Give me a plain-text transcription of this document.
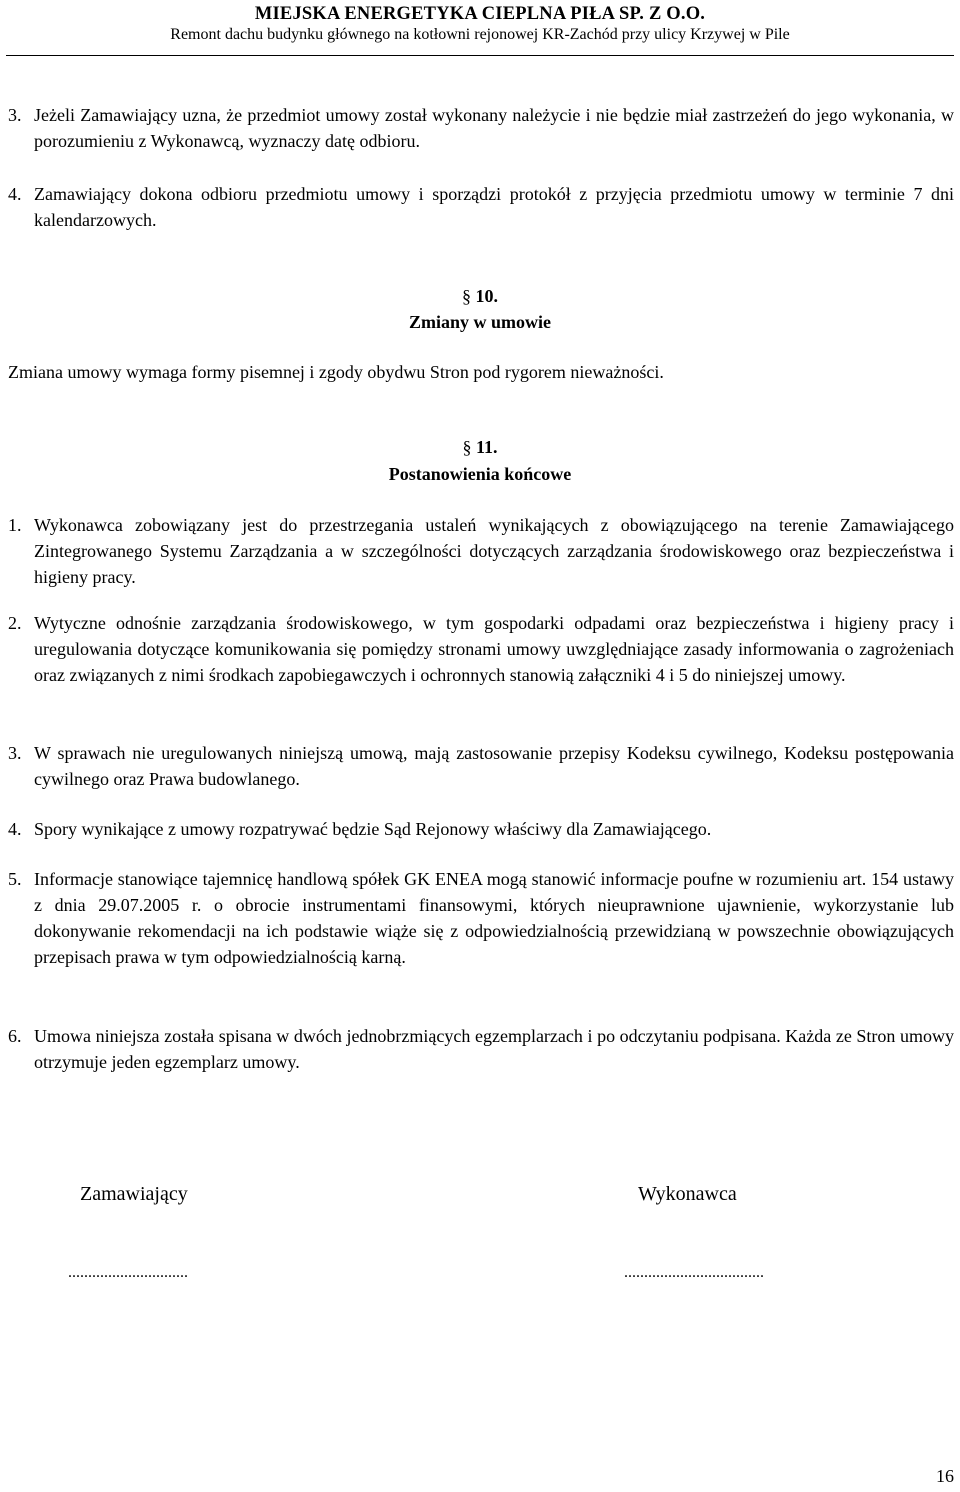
MIEJSKA ENERGETYKA CIEPLNA PIŁA SP. Z O.O.
Remont dachu budynku głównego na kotłowni rejonowej KR-Zachód przy ulicy Krzywej w Pile
3. Jeżeli Zamawiający uzna, że przedmiot umowy został wykonany należycie i nie będzie miał zastrzeżeń do jego wykonania, w porozumieniu z Wykonawcą, wyznaczy datę odbioru.
4. Zamawiający dokona odbioru przedmiotu umowy i sporządzi protokół z przyjęcia przedmiotu umowy w terminie 7 dni kalendarzowych.
§ 10.
Zmiany w umowie
Zmiana umowy wymaga formy pisemnej i zgody obydwu Stron pod rygorem nieważności.
§ 11.
Postanowienia końcowe
1. Wykonawca zobowiązany jest do przestrzegania ustaleń wynikających z obowiązującego na terenie Zamawiającego Zintegrowanego Systemu Zarządzania a w szczególności dotyczących zarządzania środowiskowego oraz bezpieczeństwa i higieny pracy.
2. Wytyczne odnośnie zarządzania środowiskowego, w tym gospodarki odpadami oraz bezpieczeństwa i higieny pracy i uregulowania dotyczące komunikowania się pomiędzy stronami umowy uwzględniające zasady informowania o zagrożeniach oraz związanych z nimi środkach zapobiegawczych i ochronnych stanowią załączniki 4 i 5 do niniejszej umowy.
3. W sprawach nie uregulowanych niniejszą umową, mają zastosowanie przepisy Kodeksu cywilnego, Kodeksu postępowania cywilnego oraz Prawa budowlanego.
4. Spory wynikające z umowy rozpatrywać będzie Sąd Rejonowy właściwy dla Zamawiającego.
5. Informacje stanowiące tajemnicę handlową spółek GK ENEA mogą stanowić informacje poufne w rozumieniu art. 154 ustawy z dnia 29.07.2005 r. o obrocie instrumentami finansowymi, których nieuprawnione ujawnienie, wykorzystanie lub dokonywanie rekomendacji na ich podstawie wiąże się z odpowiedzialnością przewidzianą w powszechnie obowiązujących przepisach prawa w tym odpowiedzialnością karną.
6. Umowa niniejsza została spisana w dwóch jednobrzmiących egzemplarzach i po odczytaniu podpisana. Każda ze Stron umowy otrzymuje jeden egzemplarz umowy.
Zamawiający	Wykonawca
..............................	...................................
16
